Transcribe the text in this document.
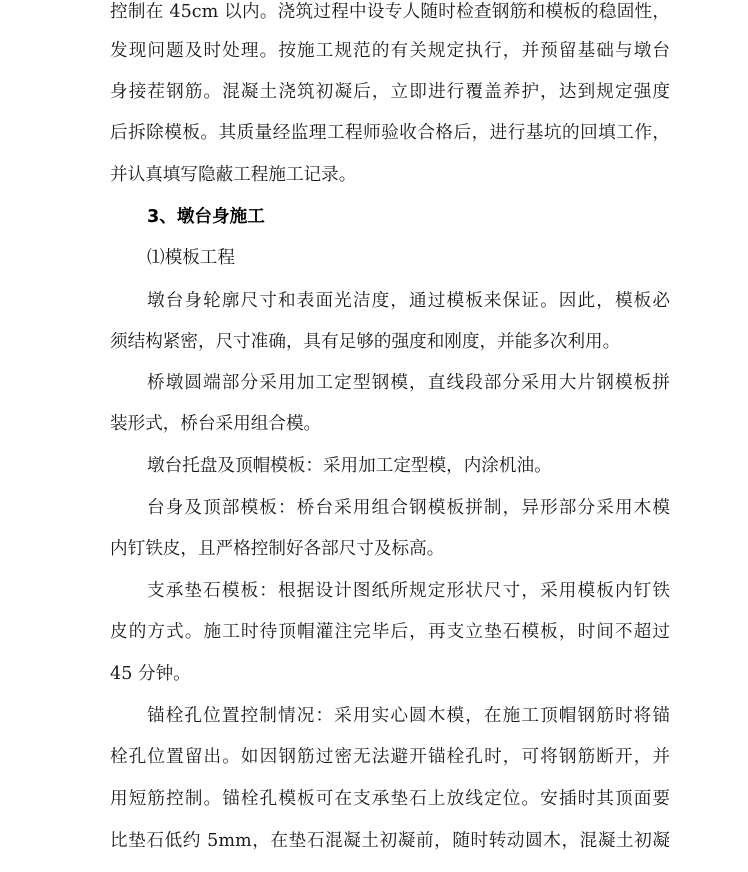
控制在 45cm 以内。浇筑过程中设专人随时检查钢筋和模板的稳固性，
发现问题及时处理。按施工规范的有关规定执行，并预留基础与墩台
身接茬钢筋。混凝土浇筑初凝后，立即进行覆盖养护，达到规定强度
后拆除模板。其质量经监理工程师验收合格后，进行基坑的回填工作，
并认真填写隐蔽工程施工记录。
3、墩台身施工
⑴模板工程
墩台身轮廓尺寸和表面光洁度，通过模板来保证。因此，模板必
须结构紧密，尺寸准确，具有足够的强度和刚度，并能多次利用。
桥墩圆端部分采用加工定型钢模，直线段部分采用大片钢模板拼
装形式，桥台采用组合模。
墩台托盘及顶帽模板：采用加工定型模，内涂机油。
台身及顶部模板：桥台采用组合钢模板拼制，异形部分采用木模
内钉铁皮，且严格控制好各部尺寸及标高。
支承垫石模板：根据设计图纸所规定形状尺寸，采用模板内钉铁
皮的方式。施工时待顶帽灌注完毕后，再支立垫石模板，时间不超过
45 分钟。
锚栓孔位置控制情况：采用实心圆木模，在施工顶帽钢筋时将锚
栓孔位置留出。如因钢筋过密无法避开锚栓孔时，可将钢筋断开，并
用短筋控制。锚栓孔模板可在支承垫石上放线定位。安插时其顶面要
比垫石低约 5mm，在垫石混凝土初凝前，随时转动圆木，混凝土初凝
